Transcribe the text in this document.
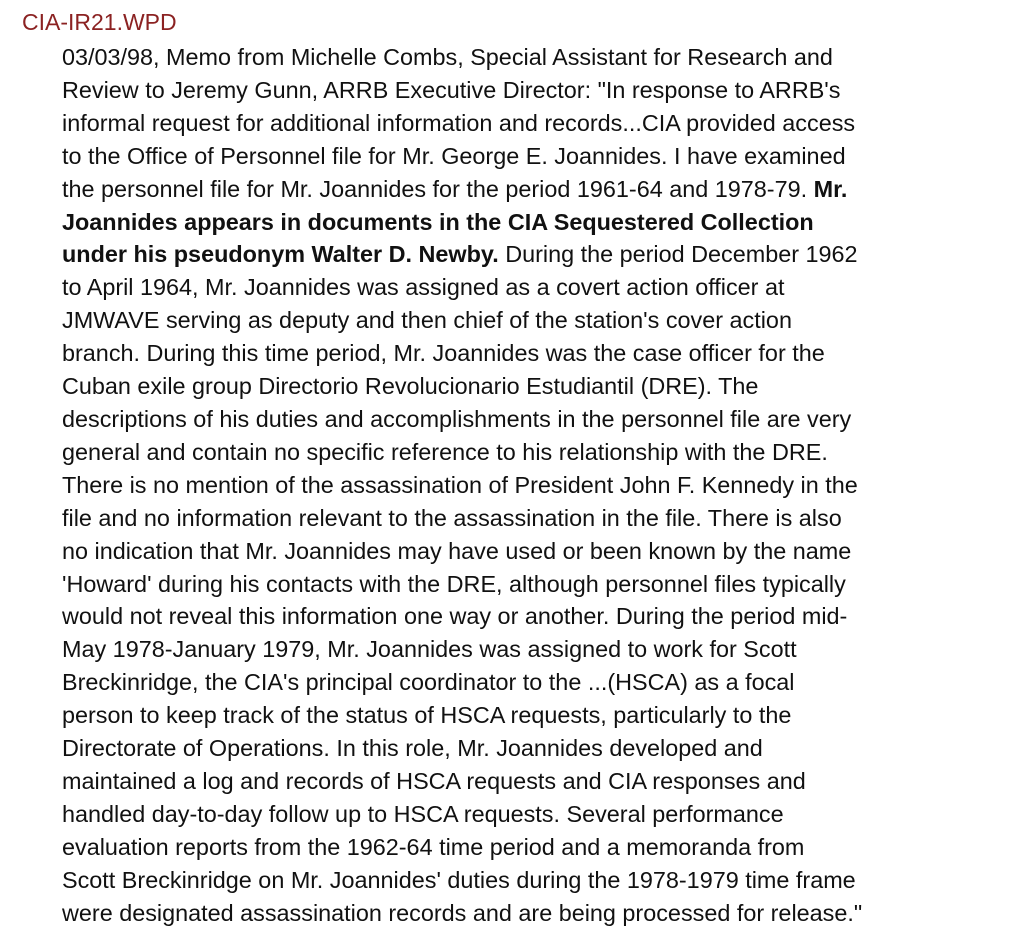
CIA-IR21.WPD
03/03/98, Memo from Michelle Combs, Special Assistant for Research and
Review to Jeremy Gunn, ARRB Executive Director: "In response to ARRB's
informal request for additional information and records...CIA provided access
to the Office of Personnel file for Mr. George E. Joannides. I have examined
the personnel file for Mr. Joannides for the period 1961-64 and 1978-79. Mr.
Joannides appears in documents in the CIA Sequestered Collection
under his pseudonym Walter D. Newby. During the period December 1962
to April 1964, Mr. Joannides was assigned as a covert action officer at
JMWAVE serving as deputy and then chief of the station's cover action
branch. During this time period, Mr. Joannides was the case officer for the
Cuban exile group Directorio Revolucionario Estudiantil (DRE). The
descriptions of his duties and accomplishments in the personnel file are very
general and contain no specific reference to his relationship with the DRE.
There is no mention of the assassination of President John F. Kennedy in the
file and no information relevant to the assassination in the file. There is also
no indication that Mr. Joannides may have used or been known by the name
'Howard' during his contacts with the DRE, although personnel files typically
would not reveal this information one way or another. During the period mid-
May 1978-January 1979, Mr. Joannides was assigned to work for Scott
Breckinridge, the CIA's principal coordinator to the ...(HSCA) as a focal
person to keep track of the status of HSCA requests, particularly to the
Directorate of Operations. In this role, Mr. Joannides developed and
maintained a log and records of HSCA requests and CIA responses and
handled day-to-day follow up to HSCA requests. Several performance
evaluation reports from the 1962-64 time period and a memoranda from
Scott Breckinridge on Mr. Joannides' duties during the 1978-1979 time frame
were designated assassination records and are being processed for release."
